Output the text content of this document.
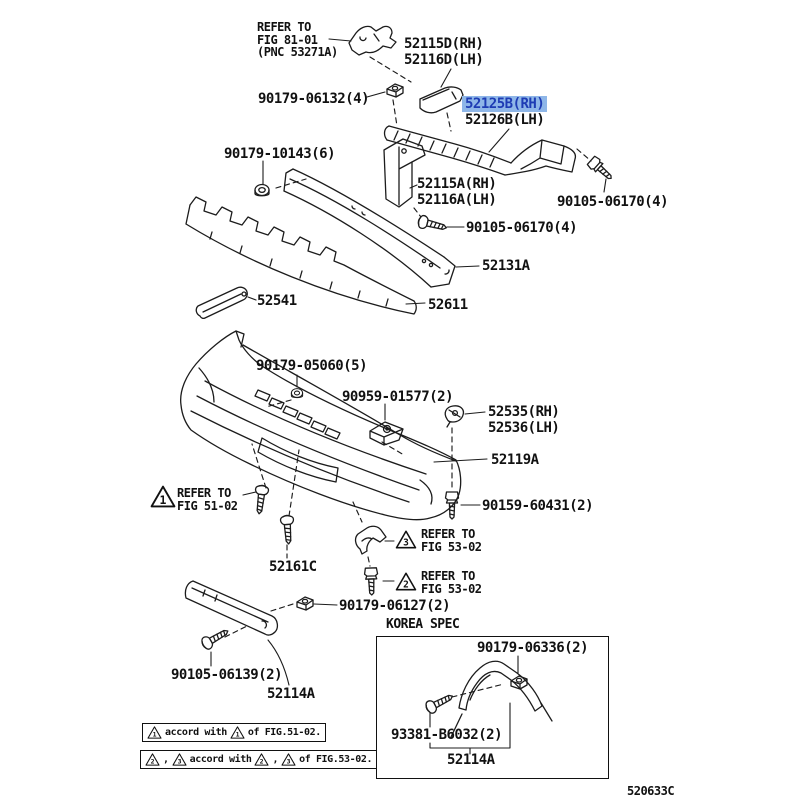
REFER TO
FIG 81-01
(PNC 53271A)	52115D(RH)
52116D(LH)
90179-06132(4)	52125B(RH)
52126B(LH)
90179-10143(6)
52115A(RH)
52116A(LH)	90105-06170(4)
90105-06170(4)
52131A
52541	52611
90179-05060(5)
90959-01577(2)
52535(RH)
52536(LH)
52119A
1 REFER TO
FIG 51-02	90159-60431(2)
52161C
3
REFER TO
FIG 53-02
2
REFER TO
FIG 53-02
90179-06127(2)
90105-06139(2)
52114A
KOREA SPEC
90179-06336(2)
93381-B6032(2)
52114A
1 accord with 1 of FIG.51-02.
2 , 3 accord with 2 , 3 of FIG.53-02.
520633C
